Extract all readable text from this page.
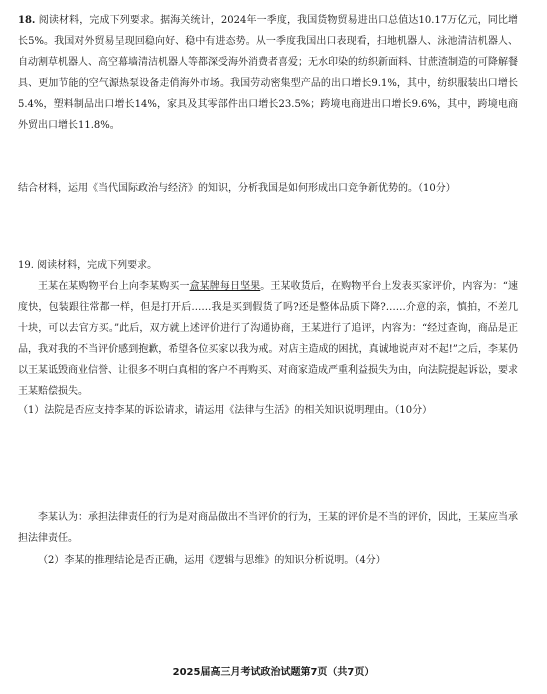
18. 阅读材料，完成下列要求。据海关统计，2024年一季度，我国货物贸易进出口总值达10.17万亿元，同比增长5%。我国对外贸易呈现回稳向好、稳中有进态势。从一季度我国出口表现看，扫地机器人、泳池清洁机器人、自动割草机器人、高空幕墙清洁机器人等都深受海外消费者喜爱；无水印染的纺织新面料、甘蔗渣制造的可降解餐具、更加节能的空气源热泵设备走俏海外市场。我国劳动密集型产品的出口增长9.1%，其中，纺织服装出口增长5.4%，塑料制品出口增长14%，家具及其零部件出口增长23.5%；跨境电商进出口增长9.6%，其中，跨境电商外贸出口增长11.8%。
结合材料，运用《当代国际政治与经济》的知识，分析我国是如何形成出口竞争新优势的。（10分）
19. 阅读材料，完成下列要求。
王某在某购物平台上向李某购买一盒某牌每日坚果。王某收货后，在购物平台上发表买家评价，内容为：“速度快，包装跟往常都一样，但是打开后……我是买到假货了吗?还是整体品质下降?……介意的亲，慎拍，不差几十块，可以去官方买。”此后，双方就上述评价进行了沟通协商，王某进行了追评，内容为：“经过查询，商品是正品，我对我的不当评价感到抱歉，希望各位买家以我为戒。对店主造成的困扰，真诚地说声对不起!”之后，李某仍以王某诋毁商业信誉、让很多不明白真相的客户不再购买、对商家造成严重利益损失为由，向法院提起诉讼，要求王某赔偿损失。
（1）法院是否应支持李某的诉讼请求，请运用《法律与生活》的相关知识说明理由。（10分）
李某认为：承担法律责任的行为是对商品做出不当评价的行为，王某的评价是不当的评价，因此，王某应当承担法律责任。
（2）李某的推理结论是否正确，运用《逻辑与思维》的知识分析说明。（4分）
2025届高三月考试政治试题第7页（共7页）
